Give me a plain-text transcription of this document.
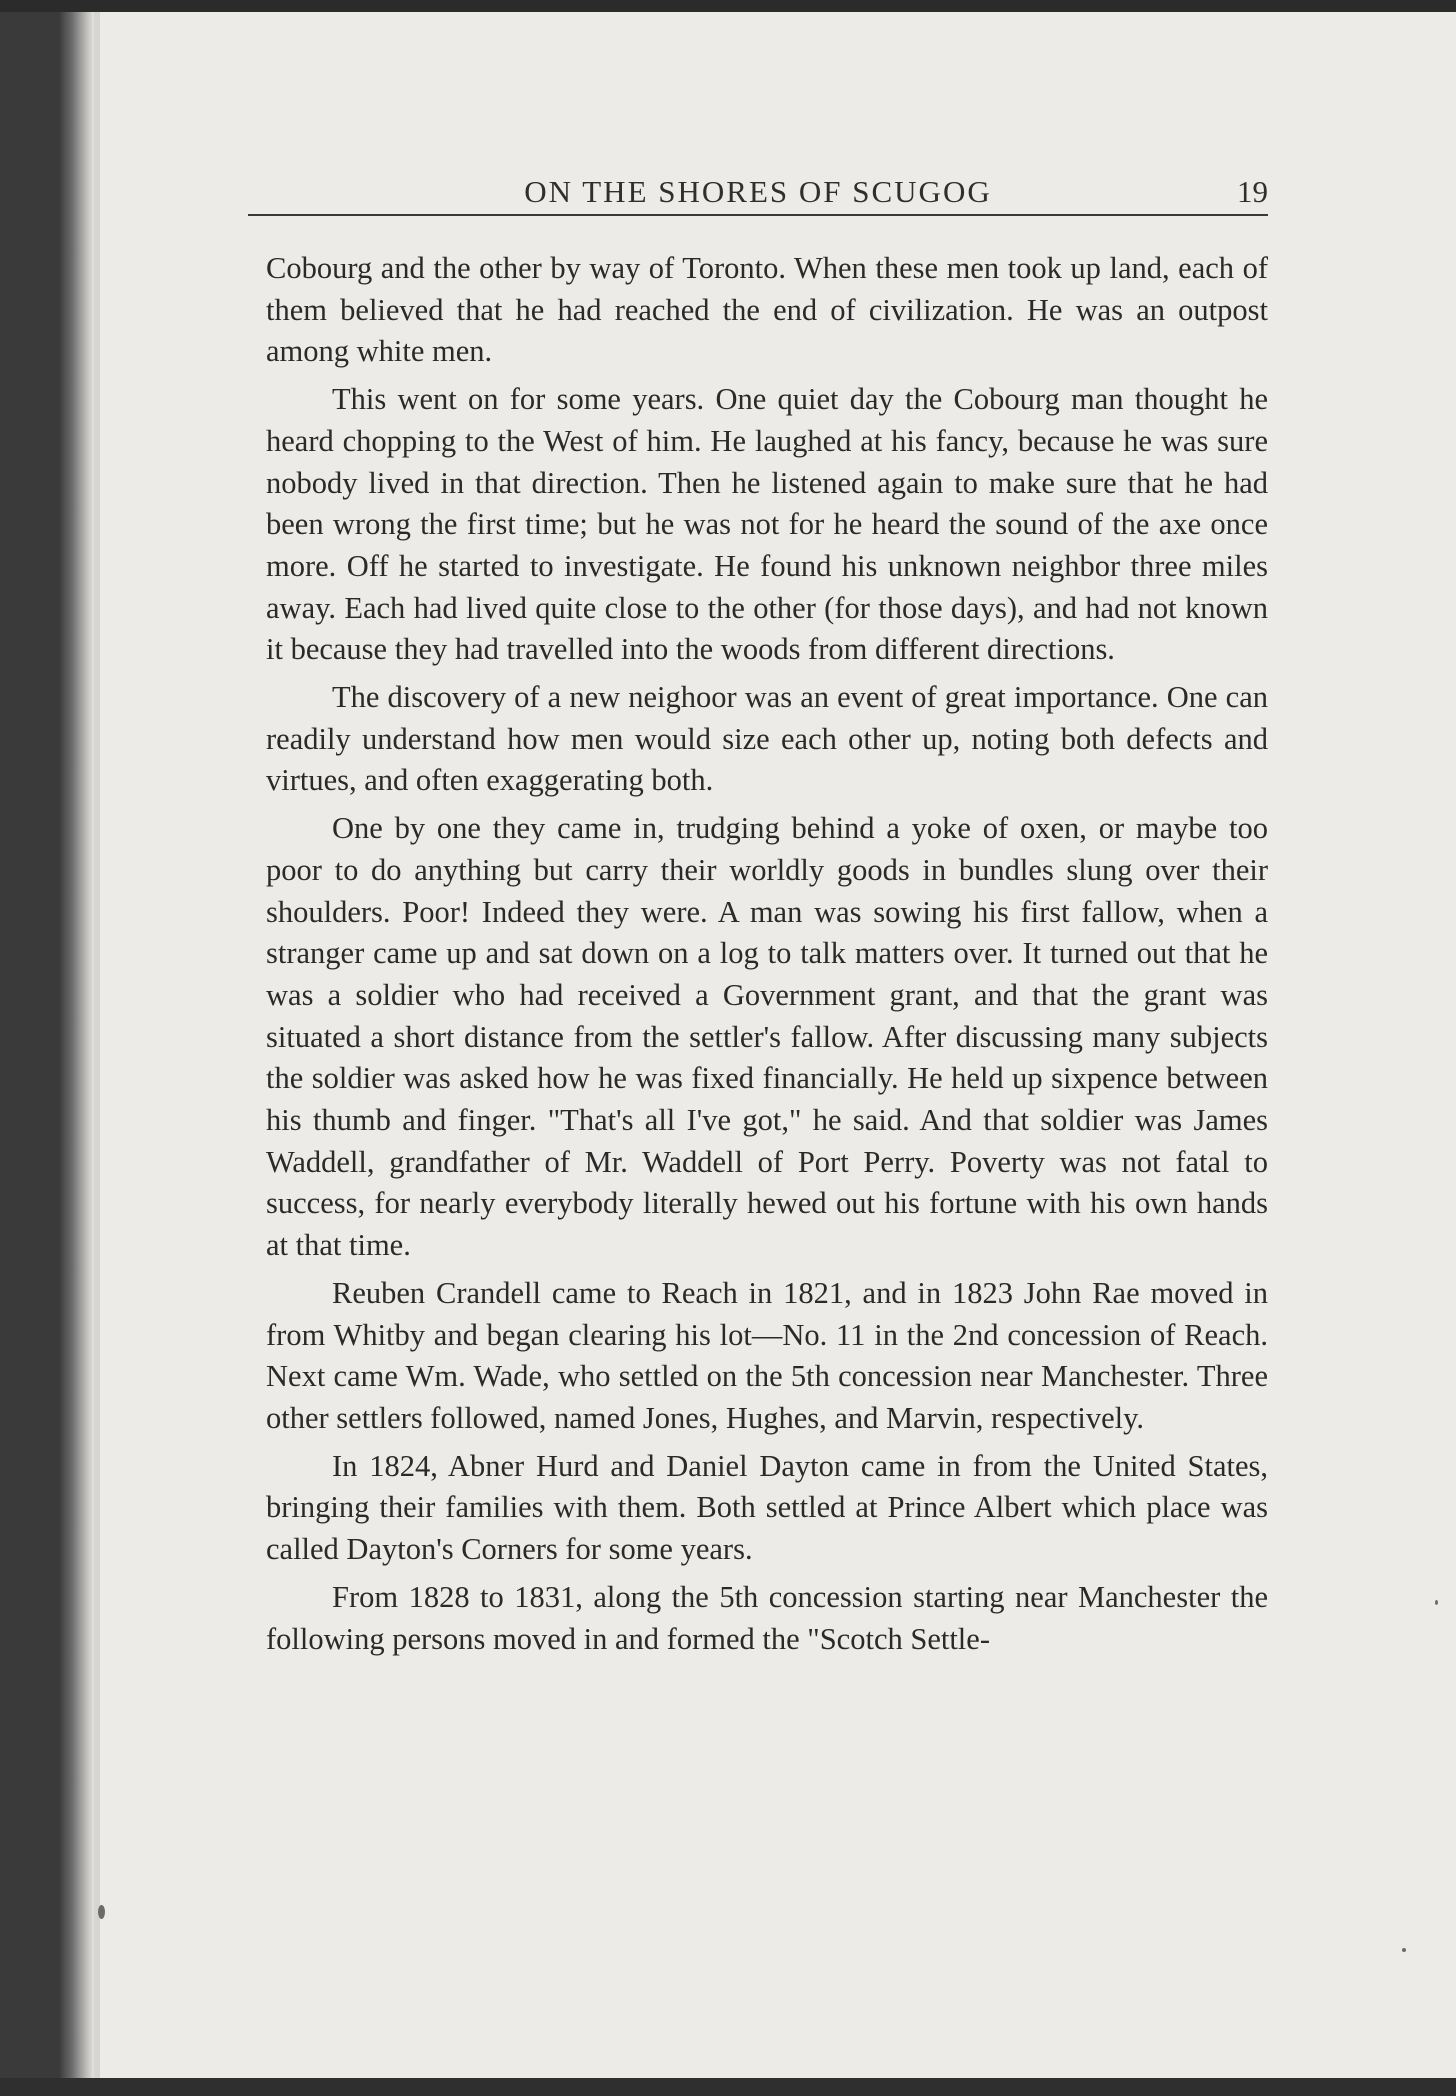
ON THE SHORES OF SCUGOG	19

Cobourg and the other by way of Toronto. When these men took up land, each of them believed that he had reached the end of civilization. He was an outpost among white men.

This went on for some years. One quiet day the Cobourg man thought he heard chopping to the West of him. He laughed at his fancy, because he was sure nobody lived in that direction. Then he listened again to make sure that he had been wrong the first time; but he was not for he heard the sound of the axe once more. Off he started to investigate. He found his unknown neighbor three miles away. Each had lived quite close to the other (for those days), and had not known it because they had travelled into the woods from different directions.

The discovery of a new neighoor was an event of great importance. One can readily understand how men would size each other up, noting both defects and virtues, and often exaggerating both.

One by one they came in, trudging behind a yoke of oxen, or maybe too poor to do anything but carry their worldly goods in bundles slung over their shoulders. Poor! Indeed they were. A man was sowing his first fallow, when a stranger came up and sat down on a log to talk matters over. It turned out that he was a soldier who had received a Government grant, and that the grant was situated a short distance from the settler's fallow. After discussing many subjects the soldier was asked how he was fixed financially. He held up sixpence between his thumb and finger. "That's all I've got," he said. And that soldier was James Waddell, grandfather of Mr. Waddell of Port Perry. Poverty was not fatal to success, for nearly everybody literally hewed out his fortune with his own hands at that time.

Reuben Crandell came to Reach in 1821, and in 1823 John Rae moved in from Whitby and began clearing his lot—No. 11 in the 2nd concession of Reach. Next came Wm. Wade, who settled on the 5th concession near Manchester. Three other settlers followed, named Jones, Hughes, and Marvin, respectively.

In 1824, Abner Hurd and Daniel Dayton came in from the United States, bringing their families with them. Both settled at Prince Albert which place was called Dayton's Corners for some years.

From 1828 to 1831, along the 5th concession starting near Manchester the following persons moved in and formed the "Scotch Settle-
